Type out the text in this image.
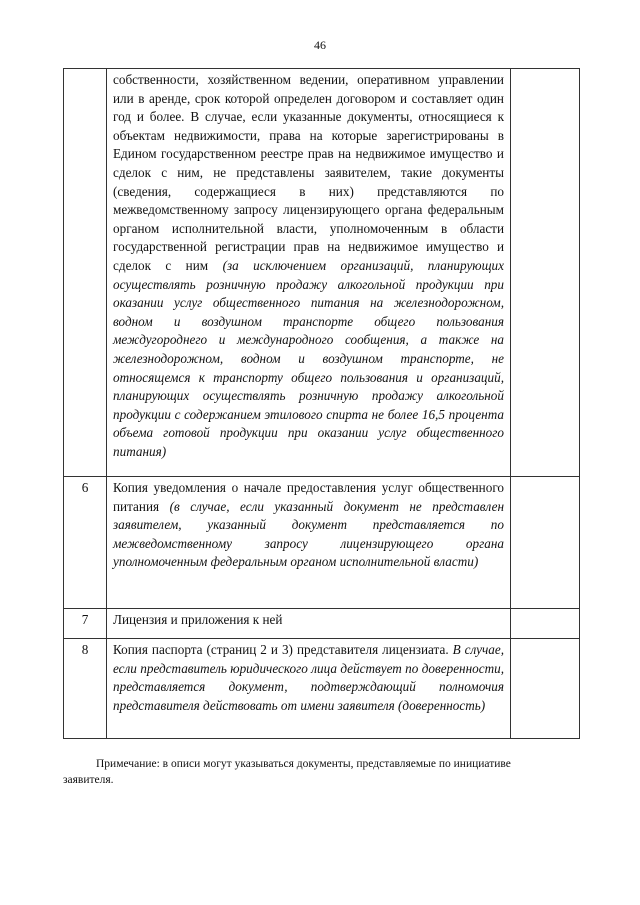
46
	собственности, хозяйственном ведении, оперативном управлении или в аренде, срок которой определен договором и составляет один год и более. В случае, если указанные документы, относящиеся к объектам недвижимости, права на которые зарегистрированы в Едином государственном реестре прав на недвижимое имущество и сделок с ним, не представлены заявителем, такие документы (сведения, содержащиеся в них) представляются по межведомственному запросу лицензирующего органа федеральным органом исполнительной власти, уполномоченным в области государственной регистрации прав на недвижимое имущество и сделок с ним (за исключением организаций, планирующих осуществлять розничную продажу алкогольной продукции при оказании услуг общественного питания на железнодорожном, водном и воздушном транспорте общего пользования междугороднего и международного сообщения, а также на железнодорожном, водном и воздушном транспорте, не относящемся к транспорту общего пользования и организаций, планирующих осуществлять розничную продажу алкогольной продукции с содержанием этилового спирта не более 16,5 процента объема готовой продукции при оказании услуг общественного питания)	
6	Копия уведомления о начале предоставления услуг общественного питания (в случае, если указанный документ не представлен заявителем, указанный документ представляется по межведомственному запросу лицензирующего органа уполномоченным федеральным органом исполнительной власти)	
7	Лицензия и приложения к ней	
8	Копия паспорта (страниц 2 и 3) представителя лицензиата. В случае, если представитель юридического лица действует по доверенности, представляется документ, подтверждающий полномочия представителя действовать от имени заявителя (доверенность)	
Примечание: в описи могут указываться документы, представляемые по инициативе
заявителя.
